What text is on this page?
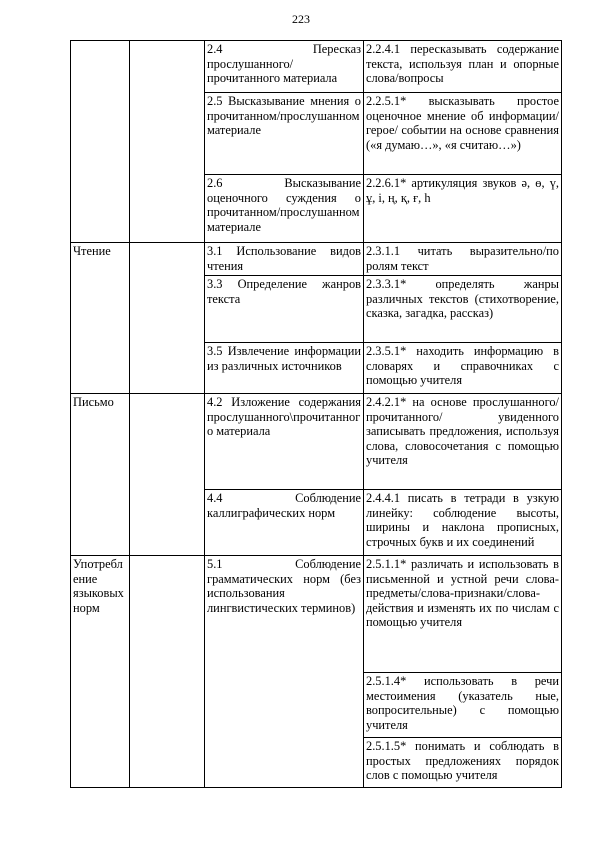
223
		2.4 Пересказ прослушанного/прочитанного материала	2.2.4.1 пересказывать содержание текста, используя план и опорные слова/вопросы
		2.5 Высказывание мнения о прочитанном/прослушанном материале	2.2.5.1* высказывать простое оценочное мнение об информации/герое/ событии на основе сравнения («я думаю…», «я считаю…»)
		2.6 Высказывание оценочного суждения о прочитанном/прослушанном материале	2.2.6.1* артикуляция звуков ә, ө, ү, ұ, і, ң, қ, ғ, һ
Чтение		3.1 Использование видов чтения	2.3.1.1 читать выразительно/по ролям текст
		3.3 Определение жанров текста	2.3.3.1* определять жанры различных текстов (стихотворение, сказка, загадка, рассказ)
		3.5 Извлечение информации из различных источников	2.3.5.1* находить информацию в словарях и справочниках с помощью учителя
Письмо		4.2 Изложение содержания прослушанного\прочитанного материала	2.4.2.1* на основе прослушанного/ прочитанного/ увиденного записывать предложения, используя слова, словосочетания с помощью учителя
		4.4 Соблюдение каллиграфических норм	2.4.4.1 писать в тетради в узкую линейку: соблюдение высоты, ширины и наклона прописных, строчных букв и их соединений
Употребление языковых норм		5.1 Соблюдение грамматических норм (без использования лингвистических терминов)	2.5.1.1* различать и использовать в письменной и устной речи слова-предметы/слова-признаки/слова-действия и изменять их по числам с помощью учителя
			2.5.1.4* использовать в речи местоимения (указатель ные, вопросительные) с помощью учителя
			2.5.1.5* понимать и соблюдать в простых предложениях порядок слов с помощью учителя
